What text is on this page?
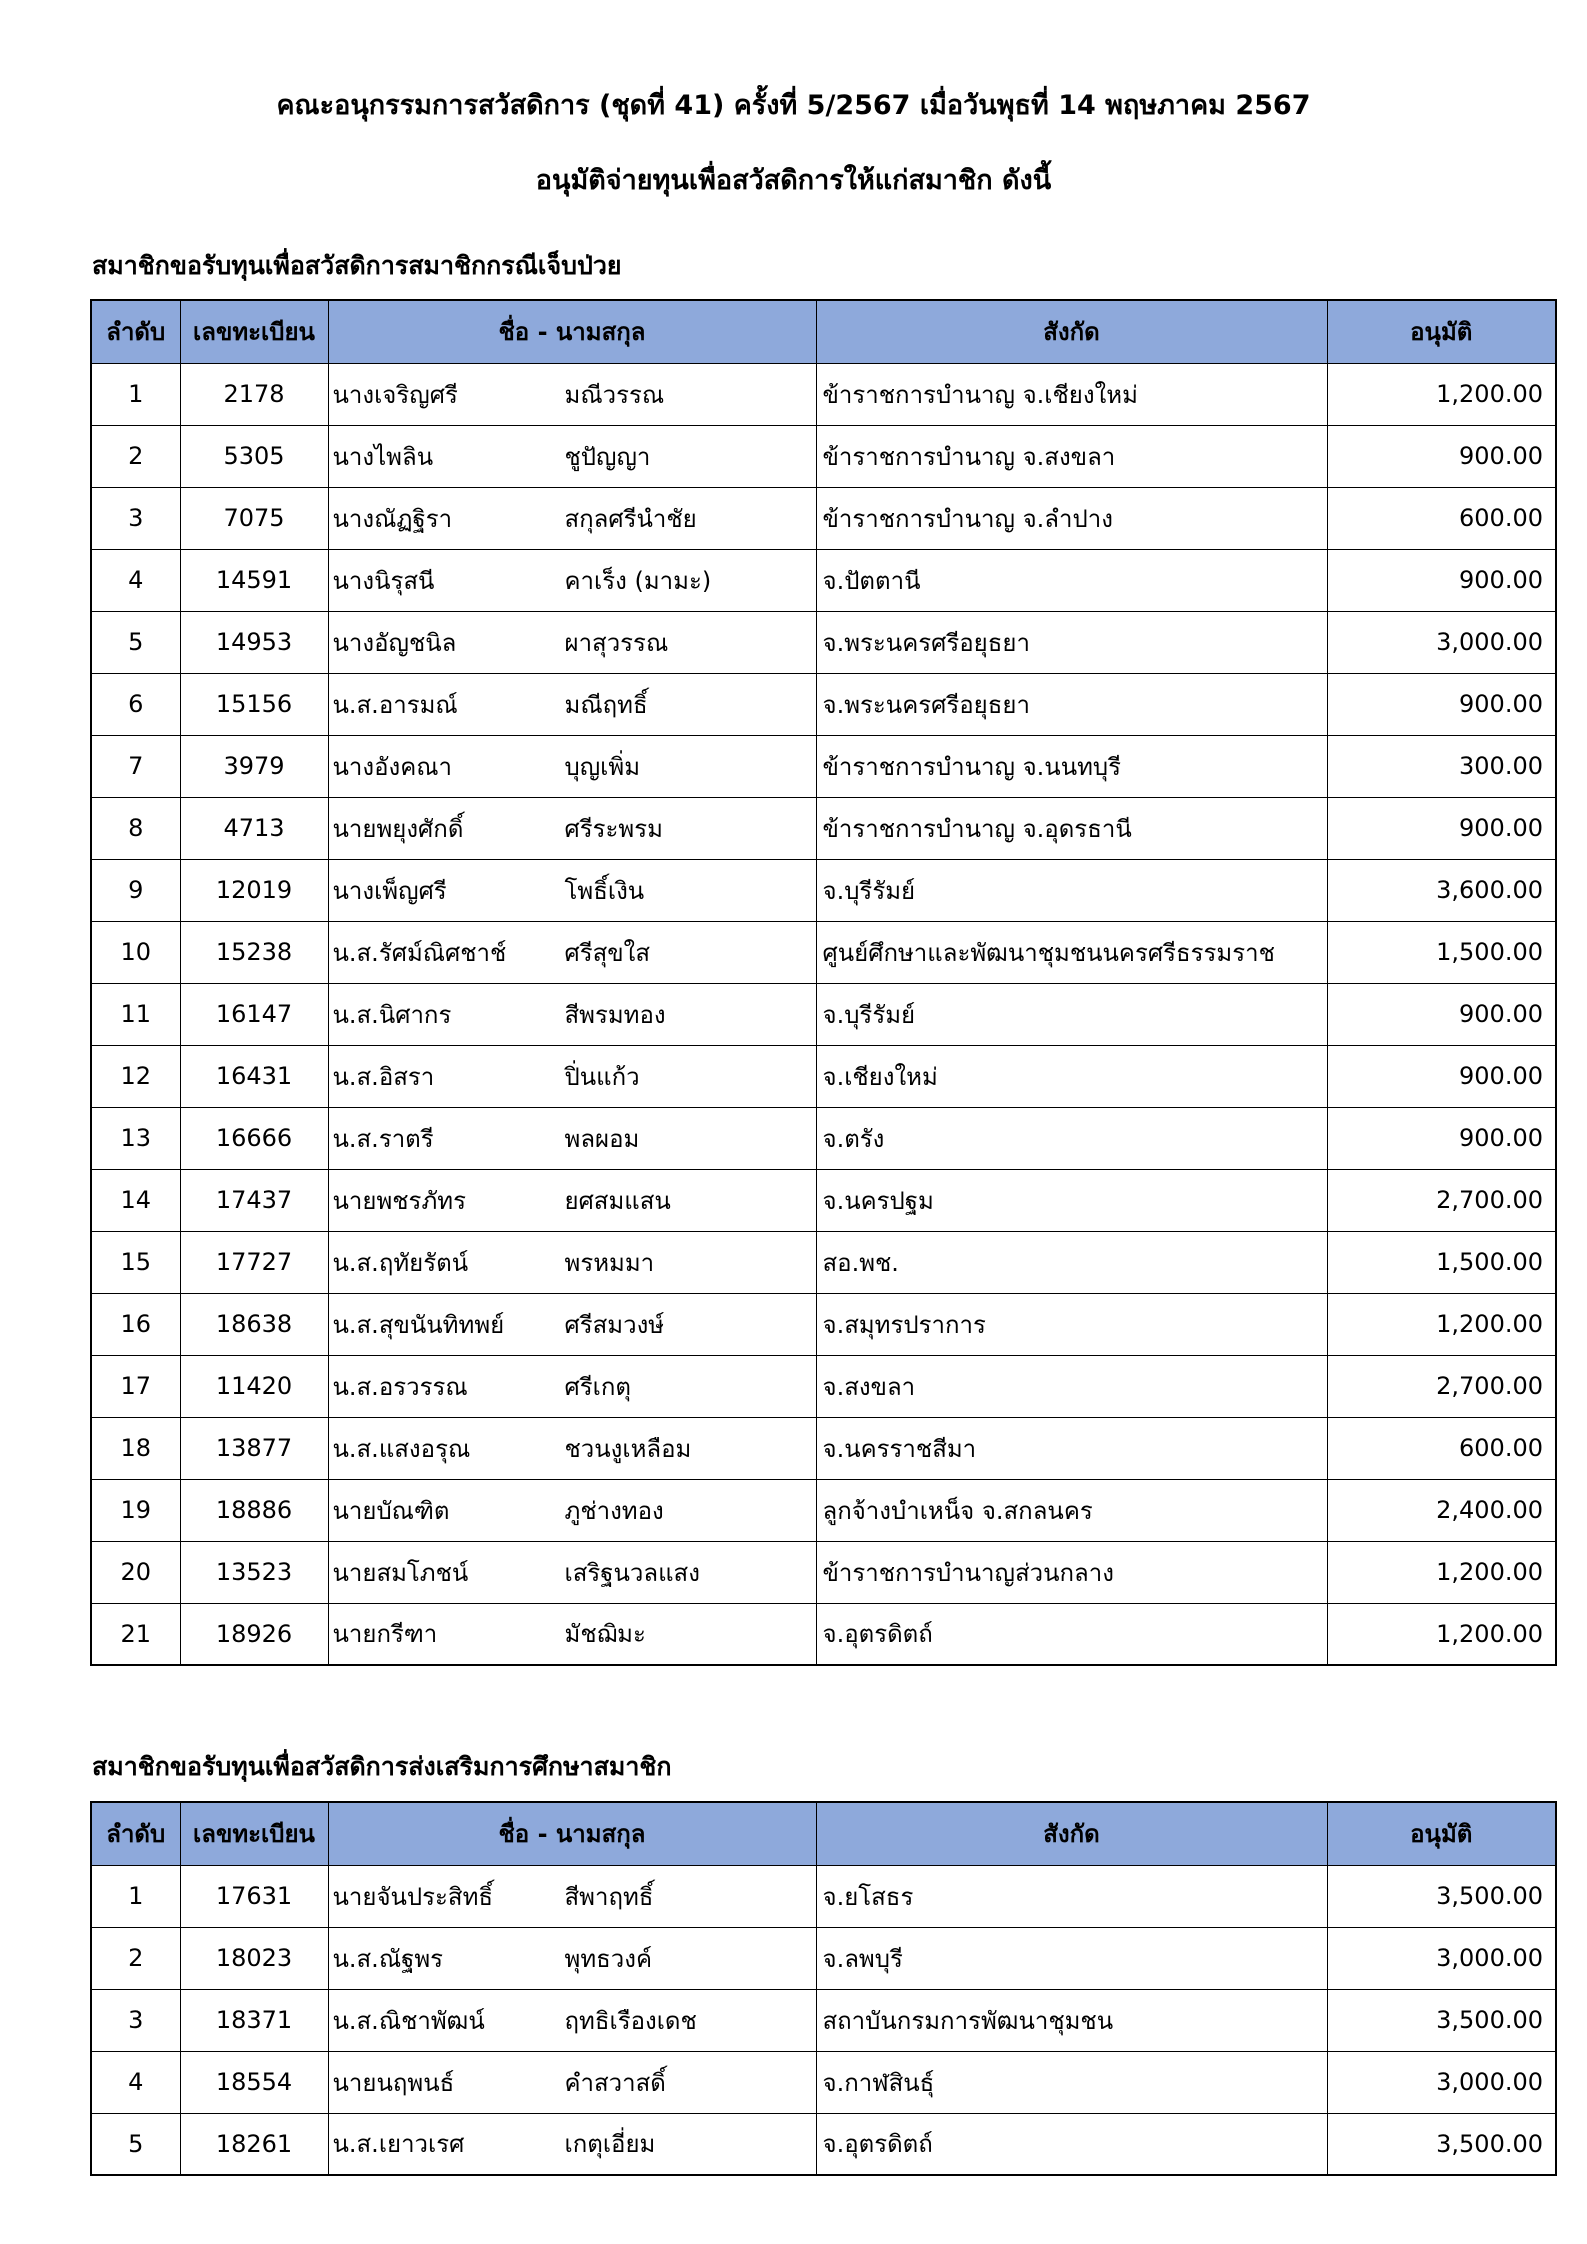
คณะอนุกรรมการสวัสดิการ (ชุดที่ 41) ครั้งที่ 5/2567 เมื่อวันพุธที่ 14 พฤษภาคม 2567
อนุมัติจ่ายทุนเพื่อสวัสดิการให้แก่สมาชิก ดังนี้
สมาชิกขอรับทุนเพื่อสวัสดิการสมาชิกกรณีเจ็บป่วย
ลำดับ	เลขทะเบียน	ชื่อ - นามสกุล	สังกัด	อนุมัติ
1	2178	นางเจริญศรี มณีวรรณ	ข้าราชการบำนาญ จ.เชียงใหม่	1,200.00
2	5305	นางไพลิน ชูปัญญา	ข้าราชการบำนาญ จ.สงขลา	900.00
3	7075	นางณัฏฐิรา สกุลศรีนำชัย	ข้าราชการบำนาญ จ.ลำปาง	600.00
4	14591	นางนิรุสนี คาเร็ง (มามะ)	จ.ปัตตานี	900.00
5	14953	นางอัญชนิล ผาสุวรรณ	จ.พระนครศรีอยุธยา	3,000.00
6	15156	น.ส.อารมณ์ มณีฤทธิ์	จ.พระนครศรีอยุธยา	900.00
7	3979	นางอังคณา บุญเพิ่ม	ข้าราชการบำนาญ จ.นนทบุรี	300.00
8	4713	นายพยุงศักดิ์ ศรีระพรม	ข้าราชการบำนาญ จ.อุดรธานี	900.00
9	12019	นางเพ็ญศรี โพธิ์เงิน	จ.บุรีรัมย์	3,600.00
10	15238	น.ส.รัศม์ณิศชาช์ ศรีสุขใส	ศูนย์ศึกษาและพัฒนาชุมชนนครศรีธรรมราช	1,500.00
11	16147	น.ส.นิศากร สีพรมทอง	จ.บุรีรัมย์	900.00
12	16431	น.ส.อิสรา ปิ่นแก้ว	จ.เชียงใหม่	900.00
13	16666	น.ส.ราตรี พลผอม	จ.ตรัง	900.00
14	17437	นายพชรภัทร ยศสมแสน	จ.นครปฐม	2,700.00
15	17727	น.ส.ฤทัยรัตน์ พรหมมา	สอ.พช.	1,500.00
16	18638	น.ส.สุขนันทิทพย์ ศรีสมวงษ์	จ.สมุทรปราการ	1,200.00
17	11420	น.ส.อรวรรณ ศรีเกตุ	จ.สงขลา	2,700.00
18	13877	น.ส.แสงอรุณ ชวนงูเหลือม	จ.นครราชสีมา	600.00
19	18886	นายบัณฑิต ภูช่างทอง	ลูกจ้างบำเหน็จ จ.สกลนคร	2,400.00
20	13523	นายสมโภชน์ เสริฐนวลแสง	ข้าราชการบำนาญส่วนกลาง	1,200.00
21	18926	นายกรีฑา มัชฌิมะ	จ.อุตรดิตถ์	1,200.00
สมาชิกขอรับทุนเพื่อสวัสดิการส่งเสริมการศึกษาสมาชิก
ลำดับ	เลขทะเบียน	ชื่อ - นามสกุล	สังกัด	อนุมัติ
1	17631	นายจันประสิทธิ์ สีพาฤทธิ์	จ.ยโสธร	3,500.00
2	18023	น.ส.ณัฐพร พุทธวงค์	จ.ลพบุรี	3,000.00
3	18371	น.ส.ณิชาพัฒน์ ฤทธิเรืองเดช	สถาบันกรมการพัฒนาชุมชน	3,500.00
4	18554	นายนฤพนธ์ คำสวาสดิ์	จ.กาฬสินธุ์	3,000.00
5	18261	น.ส.เยาวเรศ เกตุเอี่ยม	จ.อุตรดิตถ์	3,500.00
